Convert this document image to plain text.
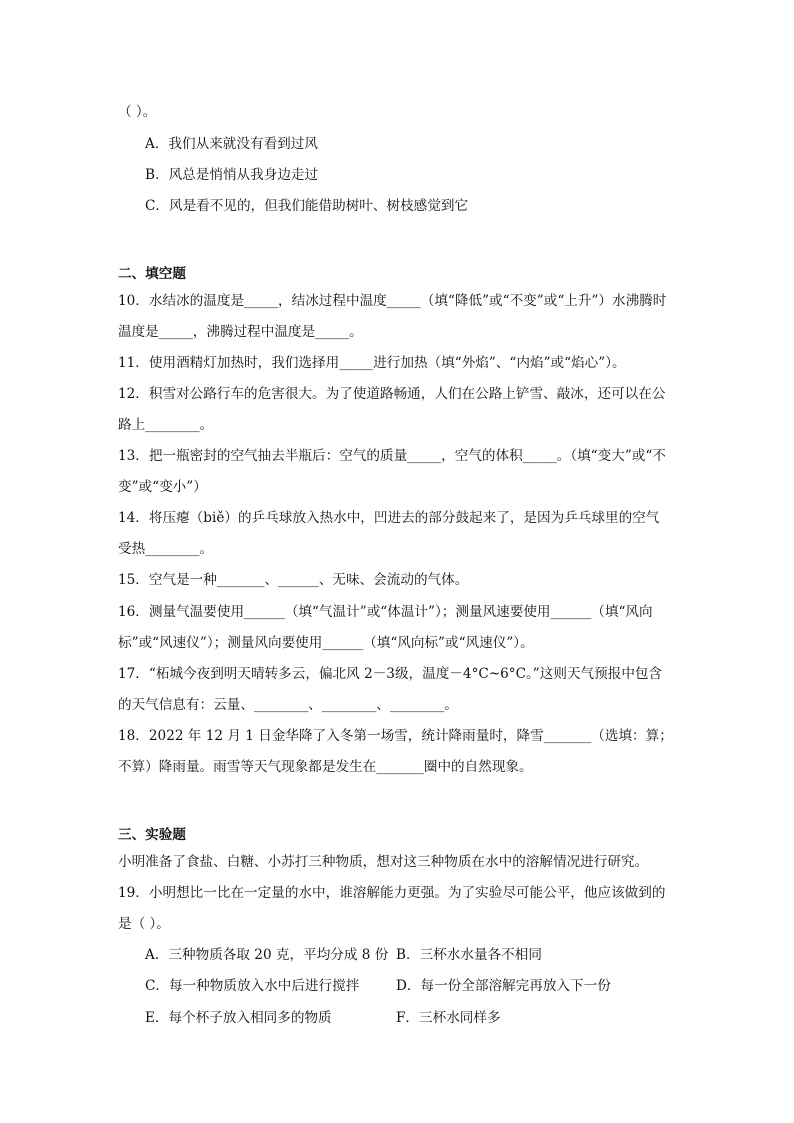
（ ）。
A．我们从来就没有看到过风
B．风总是悄悄从我身边走过
C．风是看不见的，但我们能借助树叶、树枝感觉到它
二、填空题
10．水结冰的温度是_____，结冰过程中温度_____（填“降低”或“不变”或“上升”）水沸腾时
温度是_____，沸腾过程中温度是_____。
11．使用酒精灯加热时，我们选择用_____进行加热（填“外焰”、“内焰”或“焰心”）。
12．积雪对公路行车的危害很大。为了使道路畅通，人们在公路上铲雪、敲冰，还可以在公
路上________。
13．把一瓶密封的空气抽去半瓶后：空气的质量_____，空气的体积_____。（填“变大”或“不
变”或“变小”）
14．将压瘪（biě）的乒乓球放入热水中，凹进去的部分鼓起来了，是因为乒乓球里的空气
受热________。
15．空气是一种_______、______、无味、会流动的气体。
16．测量气温要使用______（填“气温计”或“体温计”）；测量风速要使用______（填“风向
标”或“风速仪”）；测量风向要使用______（填“风向标”或“风速仪”）。
17．“柘城今夜到明天晴转多云，偏北风 2－3级，温度－4°C~6°C。”这则天气预报中包含
的天气信息有：云量、________、________、________。
18．2022 年 12 月 1 日金华降了入冬第一场雪，统计降雨量时，降雪_______（选填：算；
不算）降雨量。雨雪等天气现象都是发生在_______圈中的自然现象。
三、实验题
小明准备了食盐、白糖、小苏打三种物质，想对这三种物质在水中的溶解情况进行研究。
19．小明想比一比在一定量的水中，谁溶解能力更强。为了实验尽可能公平，他应该做到的
是（ ）。
A．三种物质各取 20 克，平均分成 8 份 B．三杯水水量各不相同
C．每一种物质放入水中后进行搅拌	D．每一份全部溶解完再放入下一份
E．每个杯子放入相同多的物质	F．三杯水同样多
